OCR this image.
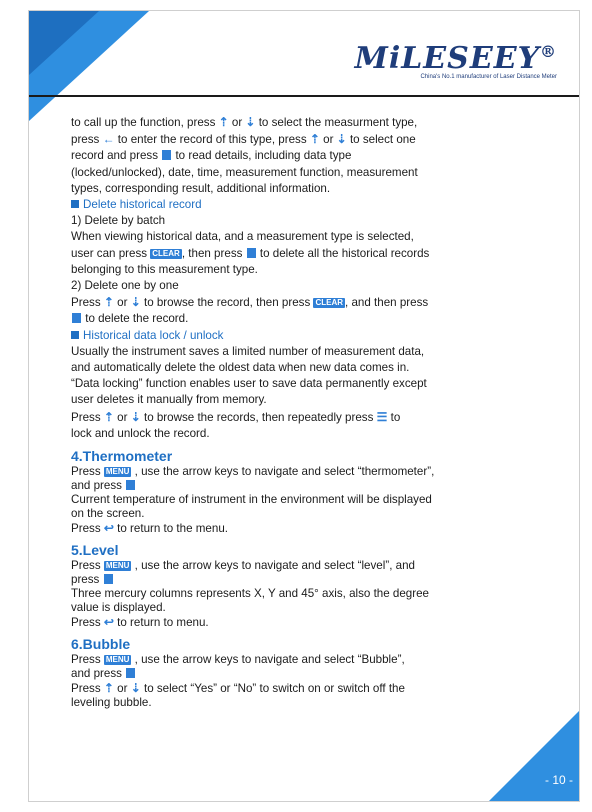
MiLESEEY®
China's No.1 manufacturer of Laser Distance Meter

to call up the function, press ⇡ or ⇣ to select the measurment type,
press ← to enter the record of this type, press ⇡ or ⇣ to select one
record and press  to read details, including data type
(locked/unlocked), date, time, measurement function, measurement
types, corresponding result, additional information.

Delete historical record

1) Delete by batch

When viewing historical data, and a measurement type is selected,
user can press CLEAR , then press  to delete all the historical records
belonging to this measurement type.

2) Delete one by one

Press ⇡ or ⇣ to browse the record, then press CLEAR , and then press
to delete the record.

Historical data lock / unlock

Usually the instrument saves a limited number of measurement data,
and automatically delete the oldest data when new data comes in.
“Data locking” function enables user to save data permanently except
user deletes it manually from memory.
Press ⇡ or ⇣ to browse the records, then repeatedly press ☰ to
lock and unlock the record.

4.Thermometer

Press MENU , use the arrow keys to navigate and select “thermometer”,
and press
Current temperature of instrument in the environment will be displayed
on the screen.
Press ↩ to return to the menu.

5.Level

Press MENU , use the arrow keys to navigate and select “level”, and
press
Three mercury columns represents X, Y and 45° axis, also the degree
value is displayed.
Press ↩ to return to menu.

6.Bubble

Press MENU , use the arrow keys to navigate and select “Bubble”,
and press
Press ⇡ or ⇣ to select “Yes” or “No” to switch on or switch off the
leveling bubble.

- 10 -
